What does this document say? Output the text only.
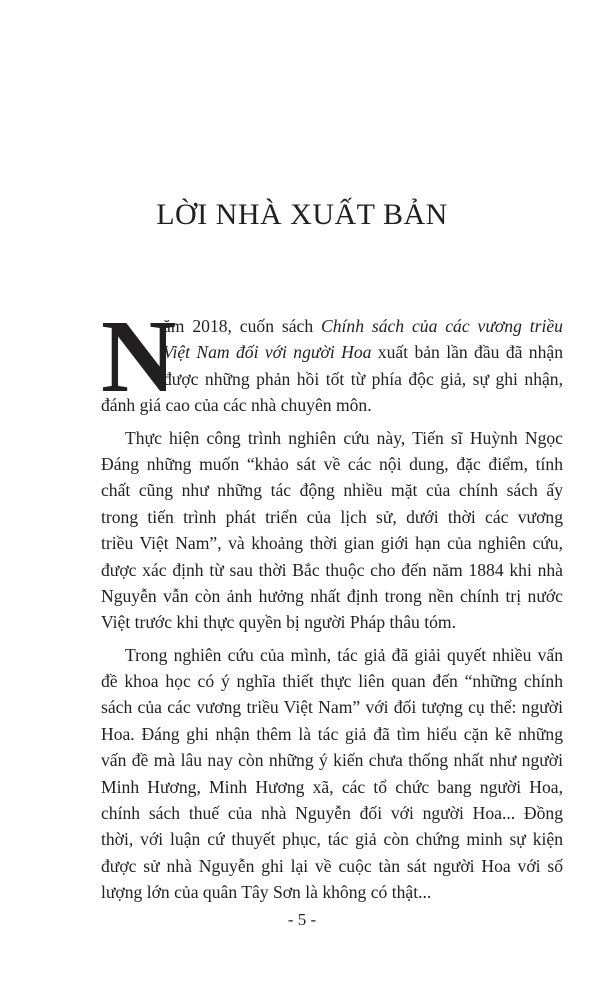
LỜI NHÀ XUẤT BẢN
N
ăm 2018, cuốn sách Chính sách của các vương triều
Việt Nam đối với người Hoa xuất bản lần đầu đã nhận
được những phản hồi tốt từ phía độc giả, sự ghi nhận,
đánh giá cao của các nhà chuyên môn.
Thực hiện công trình nghiên cứu này, Tiến sĩ Huỳnh Ngọc
Đáng những muốn “khảo sát về các nội dung, đặc điểm, tính
chất cũng như những tác động nhiều mặt của chính sách ấy
trong tiến trình phát triển của lịch sử, dưới thời các vương
triều Việt Nam”, và khoảng thời gian giới hạn của nghiên cứu,
được xác định từ sau thời Bắc thuộc cho đến năm 1884 khi nhà
Nguyễn vẫn còn ảnh hưởng nhất định trong nền chính trị nước
Việt trước khi thực quyền bị người Pháp thâu tóm.
Trong nghiên cứu của mình, tác giả đã giải quyết nhiều vấn
đề khoa học có ý nghĩa thiết thực liên quan đến “những chính
sách của các vương triều Việt Nam” với đối tượng cụ thể: người
Hoa. Đáng ghi nhận thêm là tác giả đã tìm hiểu cặn kẽ những
vấn đề mà lâu nay còn những ý kiến chưa thống nhất như người
Minh Hương, Minh Hương xã, các tổ chức bang người Hoa,
chính sách thuế của nhà Nguyễn đối với người Hoa... Đồng
thời, với luận cứ thuyết phục, tác giả còn chứng minh sự kiện
được sử nhà Nguyễn ghi lại về cuộc tàn sát người Hoa với số
lượng lớn của quân Tây Sơn là không có thật...
- 5 -
